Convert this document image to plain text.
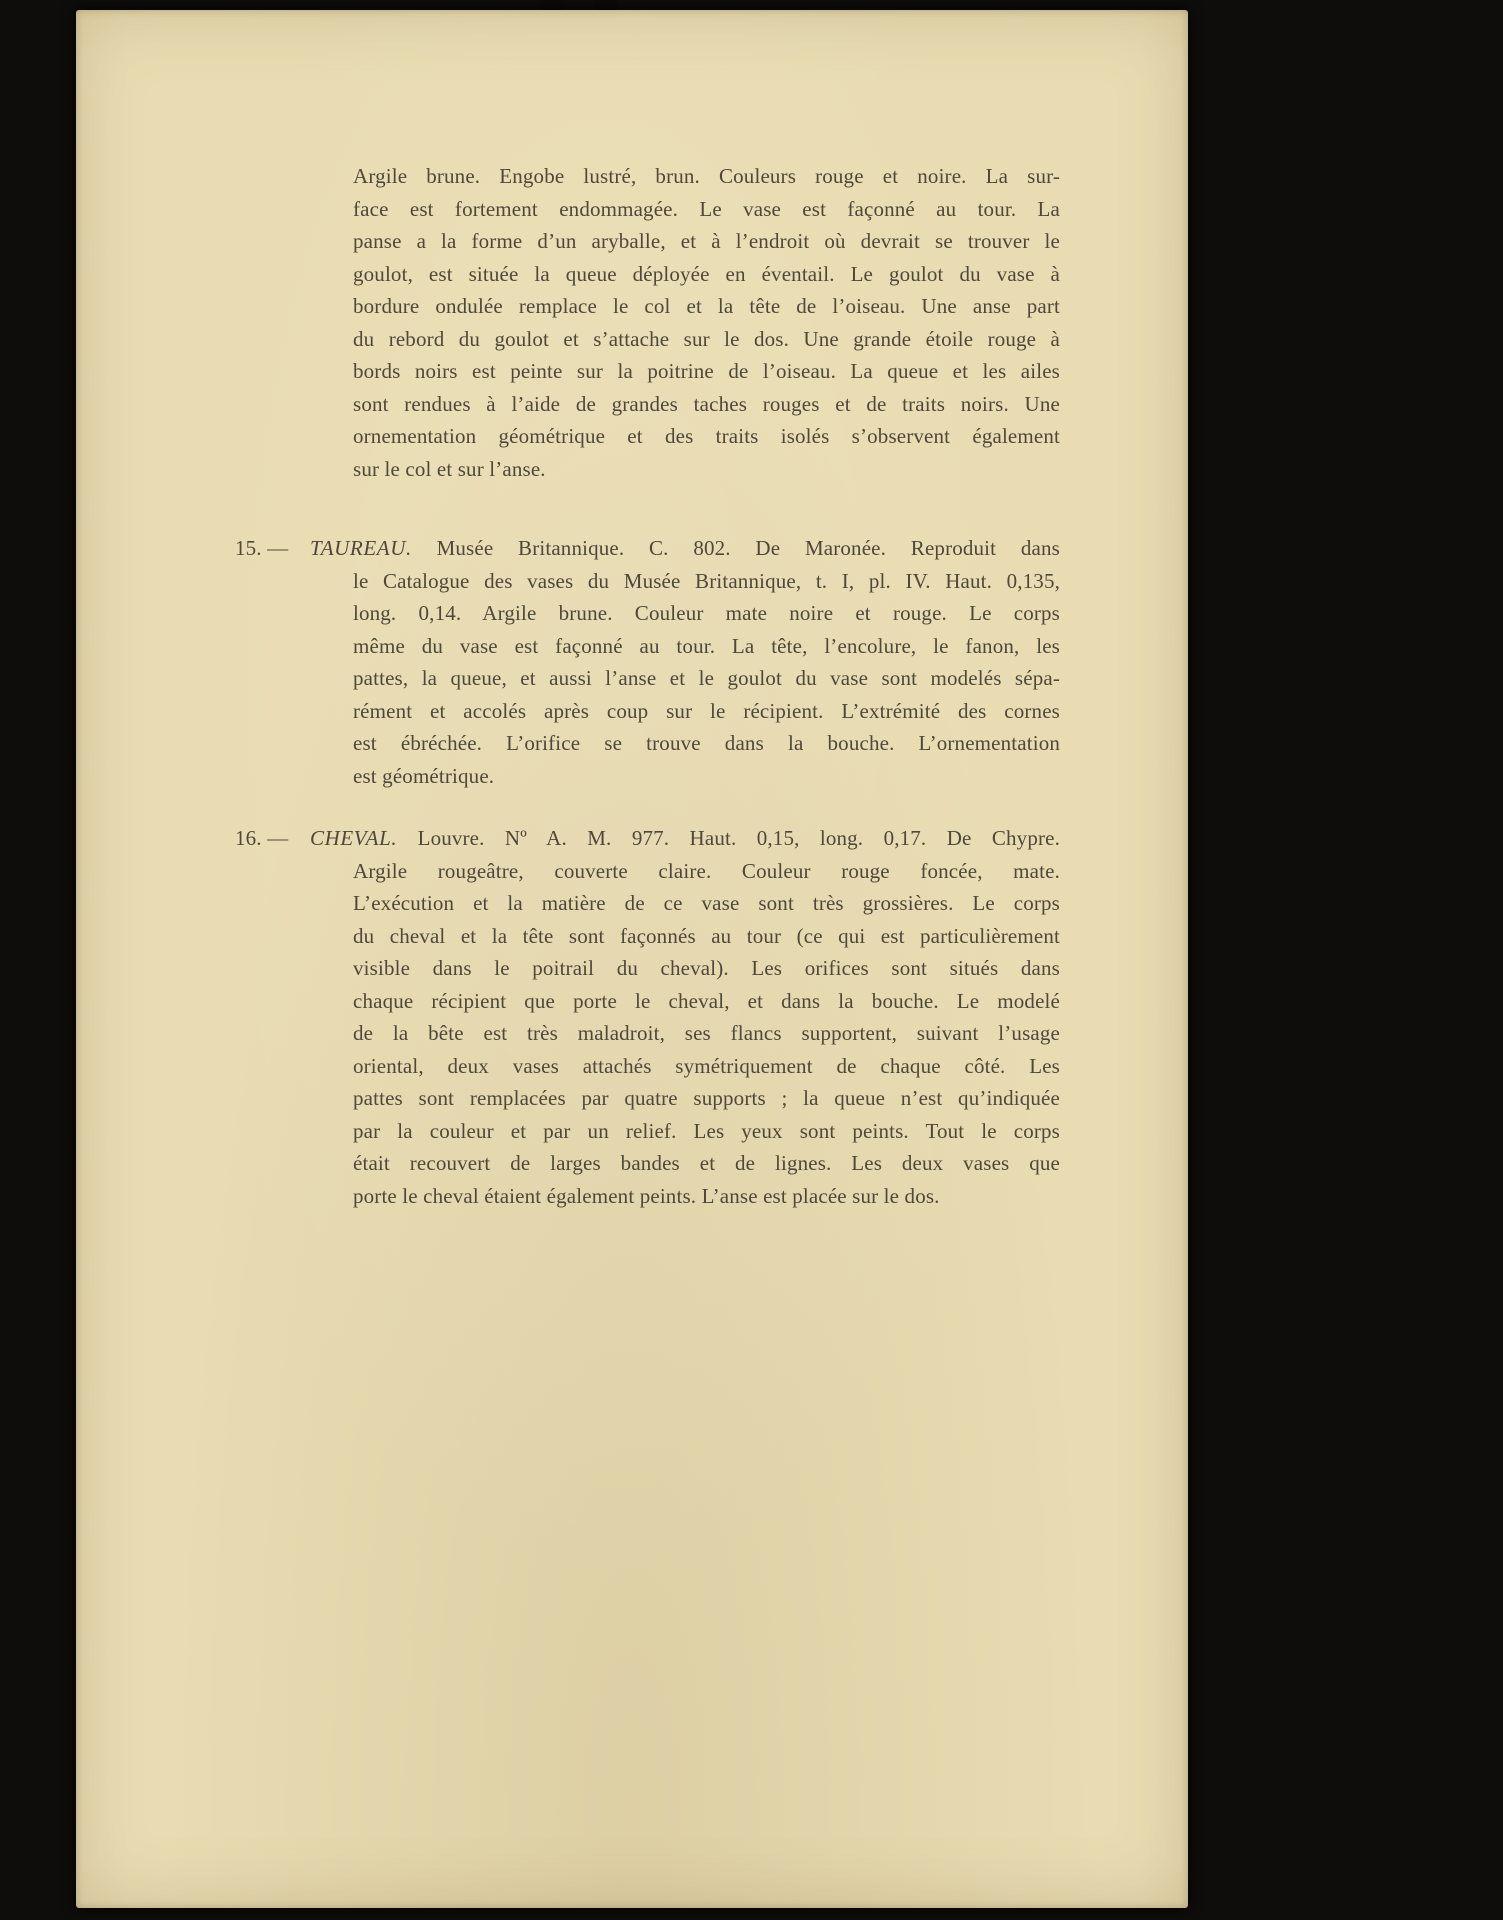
Argile brune. Engobe lustré, brun. Couleurs rouge et noire. La sur-
face est fortement endommagée. Le vase est façonné au tour. La
panse a la forme d’un aryballe, et à l’endroit où devrait se trouver le
goulot, est située la queue déployée en éventail. Le goulot du vase à
bordure ondulée remplace le col et la tête de l’oiseau. Une anse part
du rebord du goulot et s’attache sur le dos. Une grande étoile rouge à
bords noirs est peinte sur la poitrine de l’oiseau. La queue et les ailes
sont rendues à l’aide de grandes taches rouges et de traits noirs. Une
ornementation géométrique et des traits isolés s’observent également
sur le col et sur l’anse.
15. — TAUREAU. Musée Britannique. C. 802. De Maronée. Reproduit dans
le Catalogue des vases du Musée Britannique, t. I, pl. IV. Haut. 0,135,
long. 0,14. Argile brune. Couleur mate noire et rouge. Le corps
même du vase est façonné au tour. La tête, l’encolure, le fanon, les
pattes, la queue, et aussi l’anse et le goulot du vase sont modelés sépa-
rément et accolés après coup sur le récipient. L’extrémité des cornes
est ébréchée. L’orifice se trouve dans la bouche. L’ornementation
est géométrique.
16. — CHEVAL. Louvre. Nº A. M. 977. Haut. 0,15, long. 0,17. De Chypre.
Argile rougeâtre, couverte claire. Couleur rouge foncée, mate.
L’exécution et la matière de ce vase sont très grossières. Le corps
du cheval et la tête sont façonnés au tour (ce qui est particulièrement
visible dans le poitrail du cheval). Les orifices sont situés dans
chaque récipient que porte le cheval, et dans la bouche. Le modelé
de la bête est très maladroit, ses flancs supportent, suivant l’usage
oriental, deux vases attachés symétriquement de chaque côté. Les
pattes sont remplacées par quatre supports ; la queue n’est qu’indiquée
par la couleur et par un relief. Les yeux sont peints. Tout le corps
était recouvert de larges bandes et de lignes. Les deux vases que
porte le cheval étaient également peints. L’anse est placée sur le dos.
